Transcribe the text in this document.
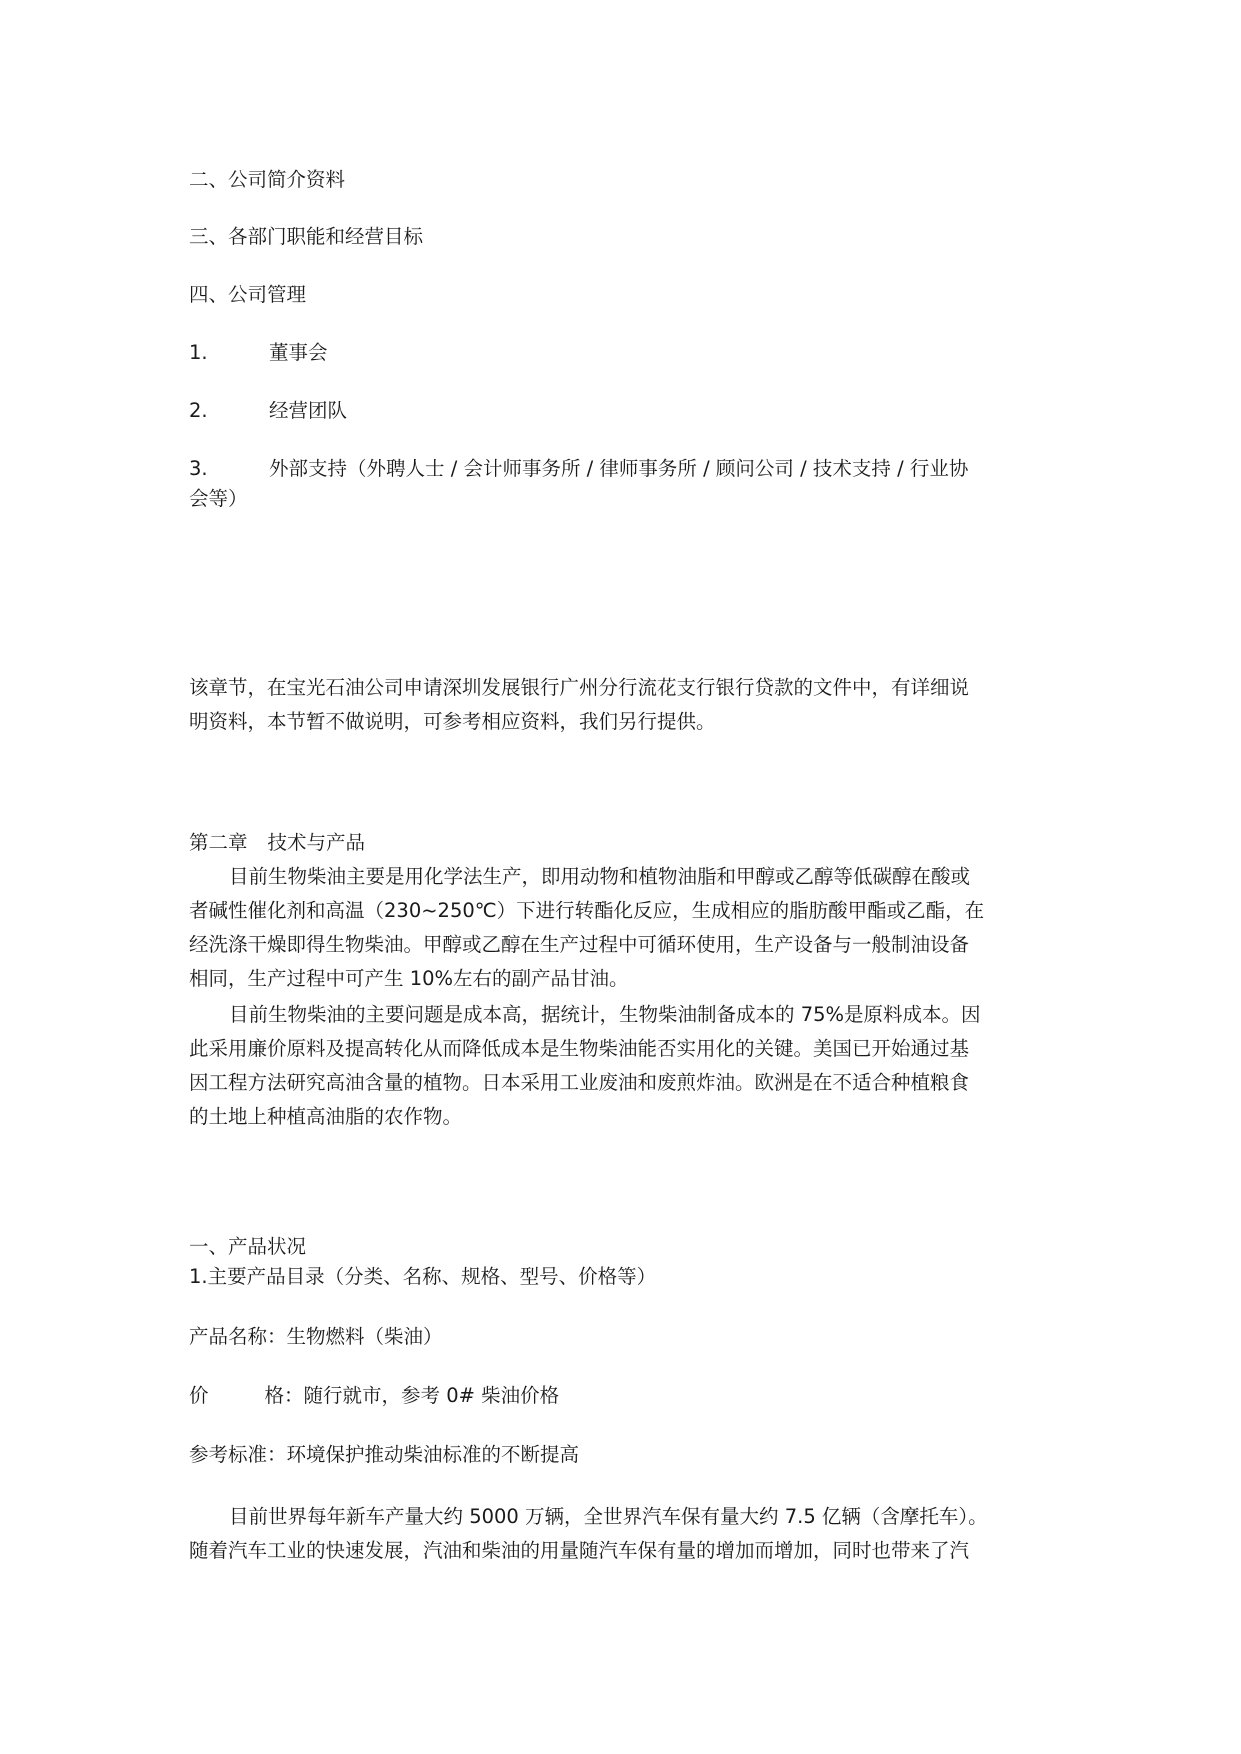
二、公司简介资料
三、各部门职能和经营目标
四、公司管理
1.	董事会
2.	经营团队
3.	外部支持（外聘人士 / 会计师事务所 / 律师事务所 / 顾问公司 / 技术支持 / 行业协
会等）
该章节，在宝光石油公司申请深圳发展银行广州分行流花支行银行贷款的文件中，有详细说
明资料，本节暂不做说明，可参考相应资料，我们另行提供。
第二章 技术与产品
目前生物柴油主要是用化学法生产，即用动物和植物油脂和甲醇或乙醇等低碳醇在酸或
者碱性催化剂和高温（230~250℃）下进行转酯化反应，生成相应的脂肪酸甲酯或乙酯，在
经洗涤干燥即得生物柴油。甲醇或乙醇在生产过程中可循环使用，生产设备与一般制油设备
相同，生产过程中可产生 10%左右的副产品甘油。
目前生物柴油的主要问题是成本高，据统计，生物柴油制备成本的 75%是原料成本。因
此采用廉价原料及提高转化从而降低成本是生物柴油能否实用化的关键。美国已开始通过基
因工程方法研究高油含量的植物。日本采用工业废油和废煎炸油。欧洲是在不适合种植粮食
的土地上种植高油脂的农作物。
一、产品状况
1.主要产品目录（分类、名称、规格、型号、价格等）
产品名称：生物燃料（柴油）
价	格：随行就市，参考 0# 柴油价格
参考标准：环境保护推动柴油标准的不断提高
目前世界每年新车产量大约 5000 万辆，全世界汽车保有量大约 7.5 亿辆（含摩托车）。
随着汽车工业的快速发展，汽油和柴油的用量随汽车保有量的增加而增加，同时也带来了汽
